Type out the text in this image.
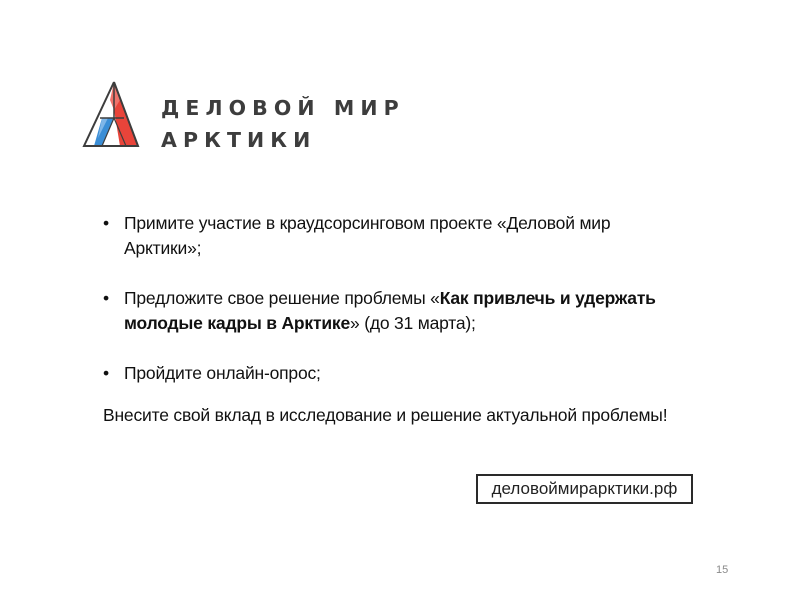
ДЕЛОВОЙ МИР
АРКТИКИ
• Примите участие в краудсорсинговом проекте «Деловой мир
Арктики»;
• Предложите свое решение проблемы «Как привлечь и удержать
молодые кадры в Арктике» (до 31 марта);
• Пройдите онлайн-опрос;

Внесите свой вклад в исследование и решение актуальной проблемы!

деловоймирарктики.рф
15
